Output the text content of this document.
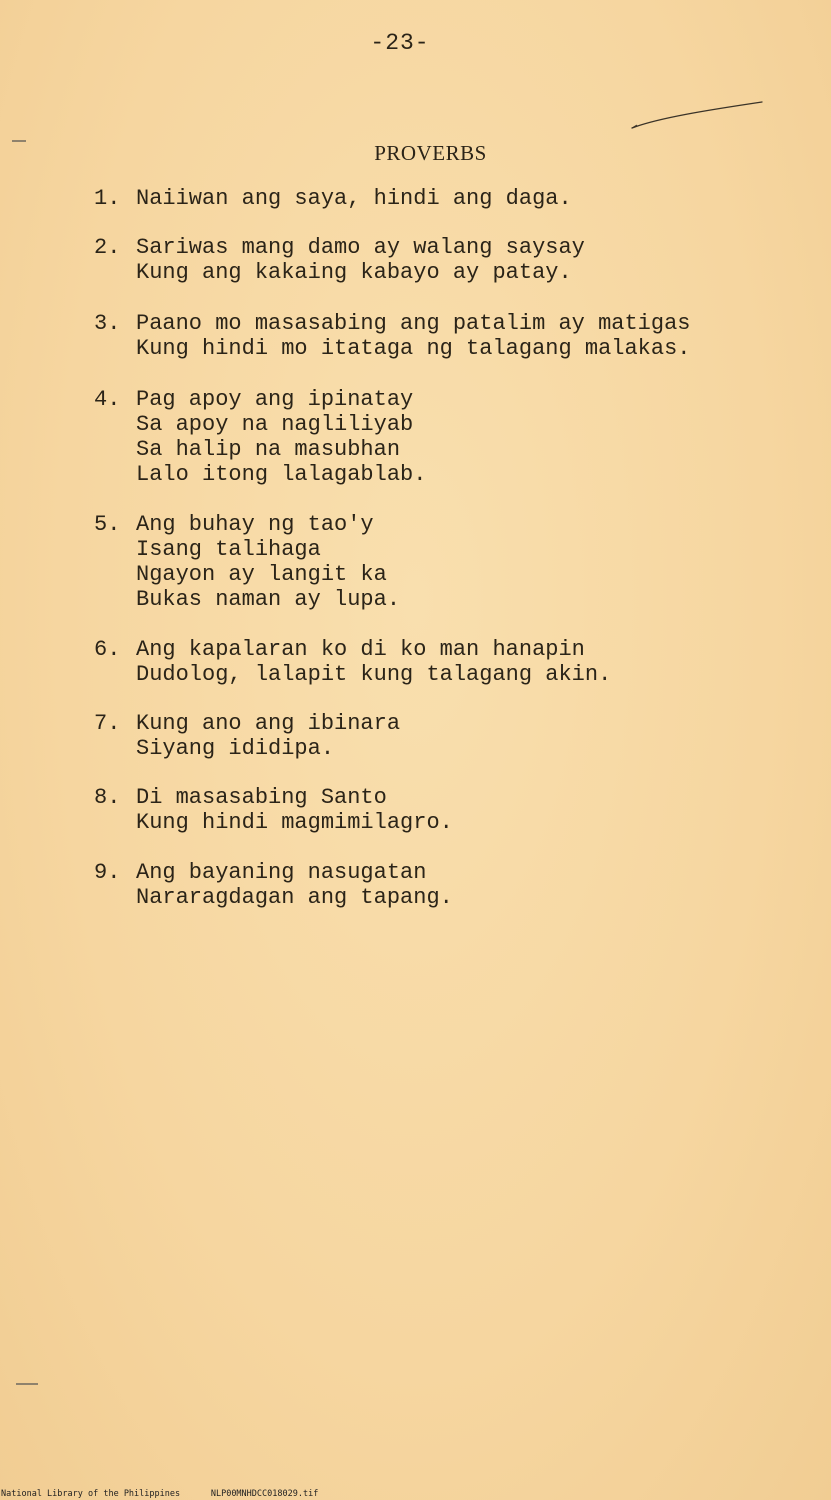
-23-
PROVERBS
1. Naiiwan ang saya, hindi ang daga.
2. Sariwas mang damo ay walang saysay
Kung ang kakaing kabayo ay patay.
3. Paano mo masasabing ang patalim ay matigas
Kung hindi mo itataga ng talagang malakas.
4. Pag apoy ang ipinatay
Sa apoy na nagliliyab
Sa halip na masubhan
Lalo itong lalagablab.
5. Ang buhay ng tao'y
Isang talihaga
Ngayon ay langit ka
Bukas naman ay lupa.
6. Ang kapalaran ko di ko man hanapin
Dudolog, lalapit kung talagang akin.
7. Kung ano ang ibinara
Siyang ididipa.
8. Di masasabing Santo
Kung hindi magmimilagro.
9. Ang bayaning nasugatan
Nararagdagan ang tapang.
National Library of the Philippines	NLP00MNHDCC018029.tif
